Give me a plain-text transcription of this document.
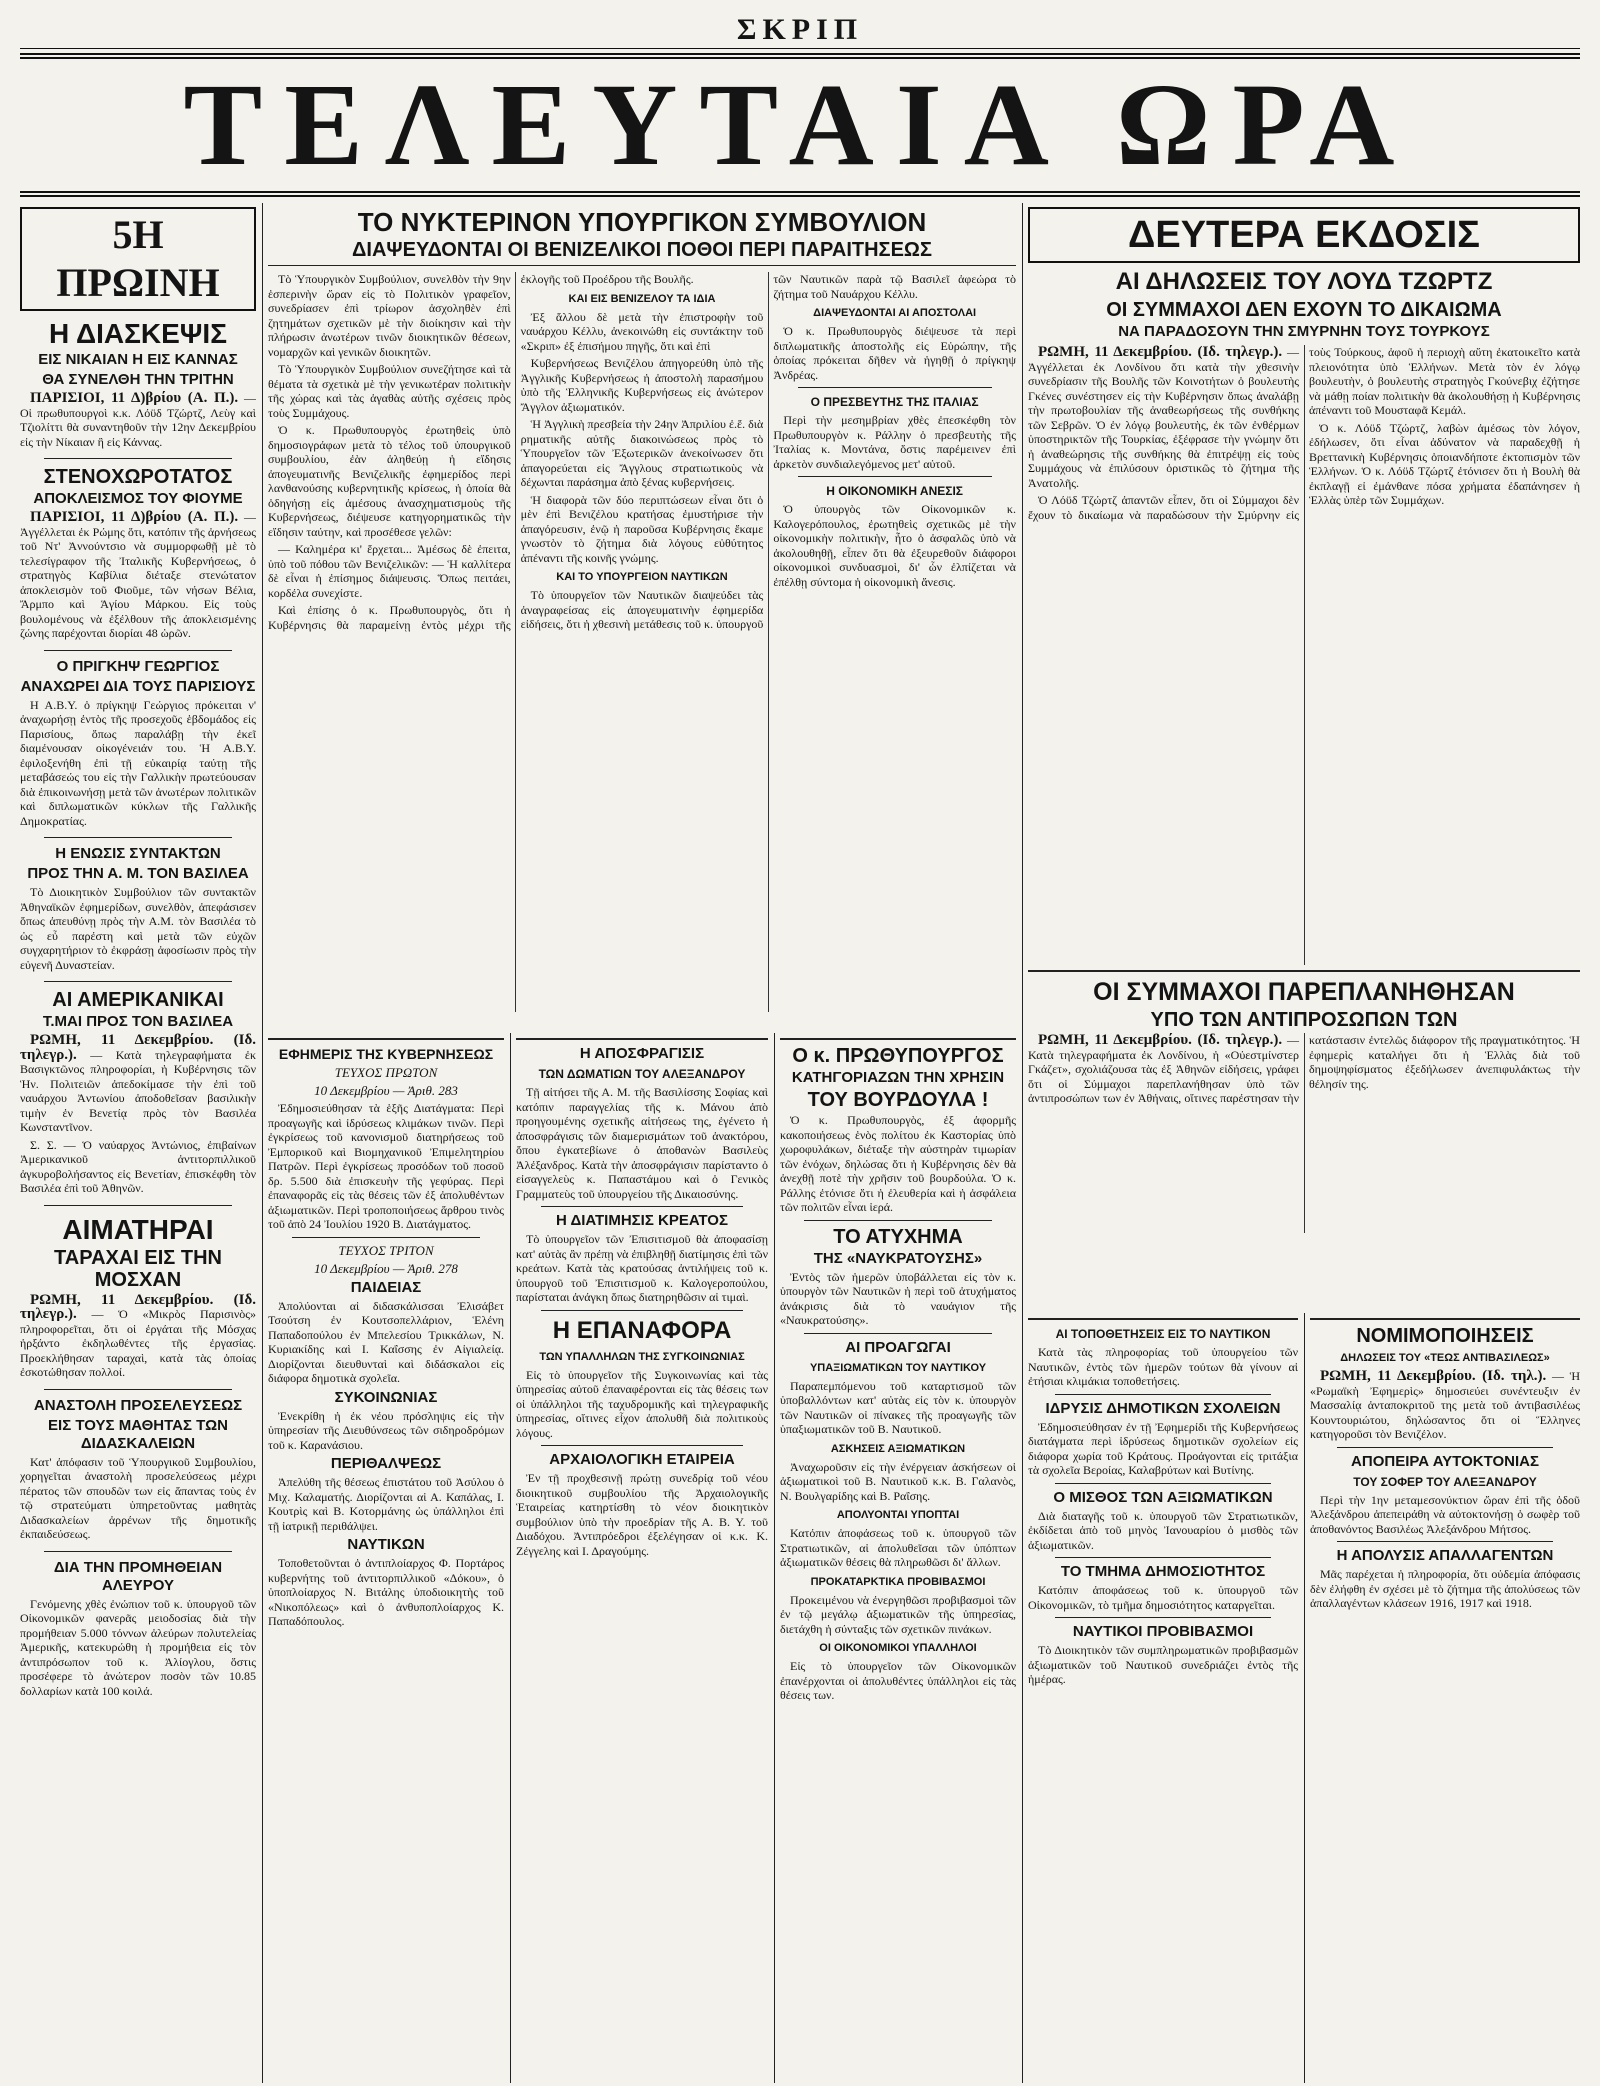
ΣΚΡΙΠ
ΤΕΛΕΥΤΑΙΑ ΩΡΑ
5Η ΠΡΩΙΝΗ
Η ΔΙΑΣΚΕΨΙΣ
ΕΙΣ ΝΙΚΑΙΑΝ Η ΕΙΣ ΚΑΝΝΑΣ
ΘΑ ΣΥΝΕΛΘΗ ΤΗΝ ΤΡΙΤΗΝ

ΠΑΡΙΣΙΟΙ, 11 Δ)βρίου (Α. Π.). — Οἱ πρωθυπουργοὶ κ.κ. Λόϋδ Τζώρτζ, Λεὺγ καὶ Τζιολίττι θὰ συναντηθοῦν τὴν 12ην Δεκεμβρίου εἰς τὴν Νίκαιαν ἢ εἰς Κάννας.

ΣΤΕΝΟΧΩΡΟΤΑΤΟΣ
ΑΠΟΚΛΕΙΣΜΟΣ ΤΟΥ ΦΙΟΥΜΕ

ΠΑΡΙΣΙΟΙ, 11 Δ)βρίου (Α. Π.). — Ἀγγέλλεται ἐκ Ρώμης ὅτι, κατόπιν τῆς ἀρνήσεως τοῦ Ντ' Ἀννούντσιο νὰ συμμορφωθῇ μὲ τὸ τελεσίγραφον τῆς Ἰταλικῆς Κυβερνήσεως, ὁ στρατηγὸς Καβίλια διέταξε στενώτατον ἀποκλεισμὸν τοῦ Φιοῦμε, τῶν νήσων Βέλια, Ἄρμπο καὶ Ἁγίου Μάρκου. Εἰς τοὺς βουλομένους νὰ ἐξέλθουν τῆς ἀποκλεισμένης ζώνης παρέχονται διορίαι 48 ὡρῶν.

Ο ΠΡΙΓΚΗΨ ΓΕΩΡΓΙΟΣ
ΑΝΑΧΩΡΕΙ ΔΙΑ ΤΟΥΣ ΠΑΡΙΣΙΟΥΣ

Η Α.Β.Υ. ὁ πρίγκηψ Γεώργιος πρόκειται ν' ἀναχωρήσῃ ἐντὸς τῆς προσεχοῦς ἑβδομάδος εἰς Παρισίους, ὅπως παραλάβῃ τὴν ἐκεῖ διαμένουσαν οἰκογένειάν του. Ἡ Α.Β.Υ. ἐφιλοξενήθη ἐπὶ τῇ εὐκαιρίᾳ ταύτῃ τῆς μεταβάσεώς του εἰς τὴν Γαλλικὴν πρωτεύουσαν διὰ ἐπικοινωνήσῃ μετὰ τῶν ἀνωτέρων πολιτικῶν καὶ διπλωματικῶν κύκλων τῆς Γαλλικῆς Δημοκρατίας.

Η ΕΝΩΣΙΣ ΣΥΝΤΑΚΤΩΝ
ΠΡΟΣ ΤΗΝ Α. Μ. ΤΟΝ ΒΑΣΙΛΕΑ

Τὸ Διοικητικὸν Συμβούλιον τῶν συντακτῶν Ἀθηναϊκῶν ἐφημερίδων, συνελθὸν, ἀπεφάσισεν ὅπως ἀπευθύνῃ πρὸς τὴν Α.Μ. τὸν Βασιλέα τὸ ὡς εὖ παρέστη καὶ μετὰ τῶν εὐχῶν συγχαρητήριον τὸ ἐκφράσῃ ἀφοσίωσιν πρὸς τὴν εὐγενῆ Δυναστείαν.

ΑΙ ΑΜΕΡΙΚΑΝΙΚΑΙ
Τ.ΜΑΙ ΠΡΟΣ ΤΟΝ ΒΑΣΙΛΕΑ

ΡΩΜΗ, 11 Δεκεμβρίου. (Ιδ. τηλεγρ.). — Κατὰ τηλεγραφήματα ἐκ Βασιγκτῶνος πληροφορίαι, ἡ Κυβέρνησις τῶν Ἡν. Πολιτειῶν ἀπεδοκίμασε τὴν ἐπὶ τοῦ ναυάρχου Ἀντωνίου ἀποδοθεῖσαν βασιλικὴν τιμὴν ἐν Βενετίᾳ πρὸς τὸν Βασιλέα Κωνσταντῖνον.

Σ. Σ. — Ὁ ναύαρχος Ἀντώνιος, ἐπιβαίνων Ἀμερικανικοῦ ἀντιτορπιλλικοῦ ἀγκυροβολήσαντος εἰς Βενετίαν, ἐπισκέφθη τὸν Βασιλέα ἐπὶ τοῦ Ἀθηνῶν.

ΑΙΜΑΤΗΡΑΙ
ΤΑΡΑΧΑΙ ΕΙΣ ΤΗΝ ΜΟΣΧΑΝ

ΡΩΜΗ, 11 Δεκεμβρίου. (Ιδ. τηλεγρ.). — Ὁ «Μικρὸς Παρισινὸς» πληροφορεῖται, ὅτι οἱ ἐργάται τῆς Μόσχας ἠρξάντο ἐκδηλωθέντες τῆς ἐργασίας. Προεκλήθησαν ταραχαὶ, κατὰ τὰς ὁποίας ἐσκοτώθησαν πολλοί.

ΑΝΑΣΤΟΛΗ ΠΡΟΣΕΛΕΥΣΕΩΣ
ΕΙΣ ΤΟΥΣ ΜΑΘΗΤΑΣ ΤΩΝ ΔΙΔΑΣΚΑΛΕΙΩΝ

Κατ' ἀπόφασιν τοῦ Ὑπουργικοῦ Συμβουλίου, χορηγεῖται ἀναστολὴ προσελεύσεως μέχρι πέρατος τῶν σπουδῶν των εἰς ἅπαντας τοὺς ἐν τῷ στρατεύματι ὑπηρετοῦντας μαθητὰς Διδασκαλείων ἀρρένων τῆς δημοτικῆς ἐκπαιδεύσεως.

ΔΙΑ ΤΗΝ ΠΡΟΜΗΘΕΙΑΝ ΑΛΕΥΡΟΥ

Γενόμενης χθὲς ἐνώπιον τοῦ κ. ὑπουργοῦ τῶν Οἰκονομικῶν φανερᾶς μειοδοσίας διὰ τὴν προμήθειαν 5.000 τόννων ἀλεύρων πολυτελείας Ἀμερικῆς, κατεκυρώθη ἡ προμήθεια εἰς τὸν ἀντιπρόσωπον τοῦ κ. Ἀλίογλου, ὅστις προσέφερε τὸ ἀνώτερον ποσὸν τῶν 10.85 δολλαρίων κατὰ 100 κοιλά.

ΤΟ ΝΥΚΤΕΡΙΝΟΝ ΥΠΟΥΡΓΙΚΟΝ ΣΥΜΒΟΥΛΙΟΝ
ΔΙΑΨΕΥΔΟΝΤΑΙ ΟΙ ΒΕΝΙΖΕΛΙΚΟΙ ΠΟΘΟΙ ΠΕΡΙ ΠΑΡΑΙΤΗΣΕΩΣ

Τὸ Ὑπουργικὸν Συμβούλιον, συνελθὸν τὴν 9ην ἑσπερινὴν ὥραν εἰς τὸ Πολιτικὸν γραφεῖον, συνεδρίασεν ἐπὶ τρίωρον ἀσχοληθὲν ἐπὶ ζητημάτων σχετικῶν μὲ τὴν διοίκησιν καὶ τὴν πλήρωσιν ἀνωτέρων τινῶν διοικητικῶν θέσεων, νομαρχῶν καὶ γενικῶν διοικητῶν.

Τὸ Ὑπουργικὸν Συμβούλιον συνεζήτησε καὶ τὰ θέματα τὰ σχετικὰ μὲ τὴν γενικωτέραν πολιτικὴν τῆς χώρας καὶ τὰς ἀγαθὰς αὐτῆς σχέσεις πρὸς τοὺς Συμμάχους.

Ὁ κ. Πρωθυπουργὸς ἐρωτηθεὶς ὑπὸ δημοσιογράφων μετὰ τὸ τέλος τοῦ ὑπουργικοῦ συμβουλίου, ἐὰν ἀληθεύῃ ἡ εἴδησις ἀπογευματινῆς Βενιζελικῆς ἐφημερίδος περὶ λανθανούσης κυβερνητικῆς κρίσεως, ἡ ὁποία θὰ ὁδηγήσῃ εἰς ἀμέσους ἀνασχηματισμοὺς τῆς Κυβερνήσεως, διέψευσε κατηγορηματικῶς τὴν εἴδησιν ταύτην, καὶ προσέθεσε γελῶν:

— Καλημέρα κι' ἔρχεται... Ἀμέσως δὲ ἐπειτα, ὑπὸ τοῦ πόθου τῶν Βενιζελικῶν: — Ἡ καλλίτερα δὲ εἶναι ἡ ἐπίσημος διάψευσις. Ὅπως πειτάει, κορδέλα συνεχίστε.

Καὶ ἐπίσης ὁ κ. Πρωθυπουργὸς, ὅτι ἡ Κυβέρνησις θὰ παραμείνῃ ἐντὸς μέχρι τῆς ἐκλογῆς τοῦ Προέδρου τῆς Βουλῆς.

ΚΑΙ ΕΙΣ ΒΕΝΙΖΕΛΟΥ ΤΑ ΙΔΙΑ

Ἐξ ἄλλου δὲ μετὰ τὴν ἐπιστροφὴν τοῦ ναυάρχου Κέλλυ, ἀνεκοινώθη εἰς συντάκτην τοῦ «Σκριπ» ἐξ ἐπισήμου πηγῆς, ὅτι καὶ ἐπὶ

Κυβερνήσεως Βενιζέλου ἀπηγορεύθη ὑπὸ τῆς Ἀγγλικῆς Κυβερνήσεως ἡ ἀποστολὴ παρασήμου ὑπὸ τῆς Ἑλληνικῆς Κυβερνήσεως εἰς ἀνώτερον Ἄγγλον ἀξιωματικόν.

Ἡ Ἀγγλικὴ πρεσβεία τὴν 24ην Ἀπριλίου ἐ.ἔ. διὰ ρηματικῆς αὐτῆς διακοινώσεως πρὸς τὸ Ὑπουργεῖον τῶν Ἐξωτερικῶν ἀνεκοίνωσεν ὅτι ἀπαγορεύεται εἰς Ἄγγλους στρατιωτικοὺς νὰ δέχωνται παράσημα ἀπὸ ξένας κυβερνήσεις.

Ἡ διαφορὰ τῶν δύο περιπτώσεων εἶναι ὅτι ὁ μὲν ἐπὶ Βενιζέλου κρατήσας ἐμυστήρισε τὴν ἀπαγόρευσιν, ἐνῷ ἡ παροῦσα Κυβέρνησις ἔκαμε γνωστὸν τὸ ζήτημα διὰ λόγους εὐθύτητος ἀπέναντι τῆς κοινῆς γνώμης.

ΚΑΙ ΤΟ ΥΠΟΥΡΓΕΙΟΝ ΝΑΥΤΙΚΩΝ

Τὸ ὑπουργεῖον τῶν Ναυτικῶν διαψεύδει τὰς ἀναγραφείσας εἰς ἀπογευματινὴν ἐφημερίδα εἰδήσεις, ὅτι ἡ χθεσινὴ μετάθεσις τοῦ κ. ὑπουργοῦ τῶν Ναυτικῶν παρὰ τῷ Βασιλεῖ ἀφεώρα τὸ ζήτημα τοῦ Ναυάρχου Κέλλυ.

ΔΙΑΨΕΥΔΟΝΤΑΙ ΑΙ ΑΠΟΣΤΟΛΑΙ

Ὁ κ. Πρωθυπουργὸς διέψευσε τὰ περὶ διπλωματικῆς ἀποστολῆς εἰς Εὐρώπην, τῆς ὁποίας πρόκειται δῆθεν νὰ ἡγηθῇ ὁ πρίγκηψ Ἀνδρέας.

Ο ΠΡΕΣΒΕΥΤΗΣ ΤΗΣ ΙΤΑΛΙΑΣ

Περὶ τὴν μεσημβρίαν χθὲς ἐπεσκέφθη τὸν Πρωθυπουργὸν κ. Ράλλην ὁ πρεσβευτὴς τῆς Ἰταλίας κ. Μοντάνα, ὅστις παρέμεινεν ἐπὶ ἀρκετὸν συνδιαλεγόμενος μετ' αὐτοῦ.

Η ΟΙΚΟΝΟΜΙΚΗ ΑΝΕΣΙΣ

Ὁ ὑπουργὸς τῶν Οἰκονομικῶν κ. Καλογερόπουλος, ἐρωτηθεὶς σχετικῶς μὲ τὴν οἰκονομικὴν πολιτικὴν, ἦτο ὁ ἀσφαλῶς ὑπὸ νὰ ἀκολουθηθῇ, εἶπεν ὅτι θὰ ἐξευρεθοῦν διάφοροι οἰκονομικοὶ συνδυασμοὶ, δι' ὧν ἐλπίζεται νὰ ἐπέλθῃ σύντομα ἡ οἰκονομικὴ ἄνεσις.

ΕΦΗΜΕΡΙΣ ΤΗΣ ΚΥΒΕΡΝΗΣΕΩΣ
ΤΕΥΧΟΣ ΠΡΩΤΟΝ
10 Δεκεμβρίου — Ἀριθ. 283

Ἐδημοσιεύθησαν τὰ ἑξῆς Διατάγματα: Περὶ προαγωγῆς καὶ ἰδρύσεως κλιμάκων τινῶν. Περὶ ἐγκρίσεως τοῦ κανονισμοῦ διατηρήσεως τοῦ Ἐμπορικοῦ καὶ Βιομηχανικοῦ Ἐπιμελητηρίου Πατρῶν. Περὶ ἐγκρίσεως προσόδων τοῦ ποσοῦ δρ. 5.500 διὰ ἐπισκευὴν τῆς γεφύρας. Περὶ ἐπαναφορᾶς εἰς τὰς θέσεις τῶν ἐξ ἀπολυθέντων ἀξιωματικῶν. Περὶ τροποποιήσεως ἄρθρου τινὸς τοῦ ἀπὸ 24 Ἰουλίου 1920 Β. Διατάγματος.

ΤΕΥΧΟΣ ΤΡΙΤΟΝ
10 Δεκεμβρίου — Ἀριθ. 278
ΠΑΙΔΕΙΑΣ

Ἀπολύονται αἱ διδασκάλισσαι Ἐλισάβετ Τσούτση ἐν Κουτσοπελλάριον, Ἑλένη Παπαδοπούλου ἐν Μπελεσίου Τρικκάλων, Ν. Κυριακίδης καὶ Ι. Καΐσσης ἐν Αἰγιαλείᾳ. Διορίζονται διευθυνταὶ καὶ διδάσκαλοι εἰς διάφορα δημοτικὰ σχολεῖα.

ΣΥΚΟΙΝΩΝΙΑΣ

Ἐνεκρίθη ἡ ἐκ νέου πρόσληψις εἰς τὴν ὑπηρεσίαν τῆς Διευθύνσεως τῶν σιδηροδρόμων τοῦ κ. Καρανάσιου.

ΠΕΡΙΘΑΛΨΕΩΣ

Ἀπελύθη τῆς θέσεως ἐπιστάτου τοῦ Ἀσύλου ὁ Μιχ. Καλαματής. Διορίζονται αἱ Α. Καπάλας, Ι. Κουτρὶς καὶ Β. Κοτορμάνης ὡς ὑπάλληλοι ἐπὶ τῇ ἰατρικῇ περιθάλψει.

ΝΑΥΤΙΚΩΝ

Τοποθετοῦνται ὁ ἀντιπλοίαρχος Φ. Πορτάρος κυβερνήτης τοῦ ἀντιτορπιλλικοῦ «Δόκου», ὁ ὑποπλοίαρχος Ν. Βιτάλης ὑποδιοικητὴς τοῦ «Νικοπόλεως» καὶ ὁ ἀνθυποπλοίαρχος Κ. Παπαδόπουλος.

Η ΑΠΟΣΦΡΑΓΙΣΙΣ
ΤΩΝ ΔΩΜΑΤΙΩΝ ΤΟΥ ΑΛΕΞΑΝΔΡΟΥ

Τῇ αἰτήσει τῆς Α. Μ. τῆς Βασιλίσσης Σοφίας καὶ κατόπιν παραγγελίας τῆς κ. Μάνου ἀπὸ προηγουμένης σχετικῆς αἰτήσεως της, ἐγένετο ἡ ἀποσφράγισις τῶν διαμερισμάτων τοῦ ἀνακτόρου, ὅπου ἐγκατεβίωνε ὁ ἀποθανὼν Βασιλεὺς Ἀλέξανδρος. Κατὰ τὴν ἀποσφράγισιν παρίσταντο ὁ εἰσαγγελεὺς κ. Παπαστάμου καὶ ὁ Γενικὸς Γραμματεὺς τοῦ ὑπουργείου τῆς Δικαιοσύνης.

Η ΔΙΑΤΙΜΗΣΙΣ ΚΡΕΑΤΟΣ

Τὸ ὑπουργεῖον τῶν Ἐπισιτισμοῦ θὰ ἀποφασίσῃ κατ' αὐτὰς ἂν πρέπῃ νὰ ἐπιβληθῇ διατίμησις ἐπὶ τῶν κρεάτων. Κατὰ τὰς κρατούσας ἀντιλήψεις τοῦ κ. ὑπουργοῦ τοῦ Ἐπισιτισμοῦ κ. Καλογεροπούλου, παρίσταται ἀνάγκη ὅπως διατηρηθῶσιν αἱ τιμαὶ.

Η ΕΠΑΝΑΦΟΡΑ
ΤΩΝ ΥΠΑΛΛΗΛΩΝ ΤΗΣ ΣΥΓΚΟΙΝΩΝΙΑΣ

Εἰς τὸ ὑπουργεῖον τῆς Συγκοινωνίας καὶ τὰς ὑπηρεσίας αὐτοῦ ἐπαναφέρονται εἰς τὰς θέσεις των οἱ ὑπάλληλοι τῆς ταχυδρομικῆς καὶ τηλεγραφικῆς ὑπηρεσίας, οἵτινες εἶχον ἀπολυθῆ διὰ πολιτικοὺς λόγους.

ΑΡΧΑΙΟΛΟΓΙΚΗ ΕΤΑΙΡΕΙΑ

Ἐν τῇ προχθεσινῇ πρώτῃ συνεδρίᾳ τοῦ νέου διοικητικοῦ συμβουλίου τῆς Ἀρχαιολογικῆς Ἑταιρείας κατηρτίσθη τὸ νέον διοικητικὸν συμβούλιον ὑπὸ τὴν προεδρίαν τῆς Α. Β. Υ. τοῦ Διαδόχου. Ἀντιπρόεδροι ἐξελέγησαν οἱ κ.κ. Κ. Ζέγγελης καὶ Ι. Δραγούμης.

Ο κ. ΠΡΩΘΥΠΟΥΡΓΟΣ
ΚΑΤΗΓΟΡΙΑΖΩΝ ΤΗΝ ΧΡΗΣΙΝ
ΤΟΥ ΒΟΥΡΔΟΥΛΑ !

Ὁ κ. Πρωθυπουργὸς, ἐξ ἀφορμῆς κακοποιήσεως ἑνὸς πολίτου ἐκ Καστορίας ὑπὸ χωροφυλάκων, διέταξε τὴν αὐστηρὰν τιμωρίαν τῶν ἐνόχων, δηλώσας ὅτι ἡ Κυβέρνησις δὲν θὰ ἀνεχθῇ ποτὲ τὴν χρῆσιν τοῦ βουρδούλα. Ὁ κ. Ράλλης ἐτόνισε ὅτι ἡ ἐλευθερία καὶ ἡ ἀσφάλεια τῶν πολιτῶν εἶναι ἱερά.

ΤΟ ΑΤΥΧΗΜΑ
ΤΗΣ «ΝΑΥΚΡΑΤΟΥΣΗΣ»

Ἐντὸς τῶν ἡμερῶν ὑποβάλλεται εἰς τὸν κ. ὑπουργὸν τῶν Ναυτικῶν ἡ περὶ τοῦ ἀτυχήματος ἀνάκρισις διὰ τὸ ναυάγιον τῆς «Ναυκρατούσης».

ΑΙ ΠΡΟΑΓΩΓΑΙ
ΥΠΑΞΙΩΜΑΤΙΚΩΝ ΤΟΥ ΝΑΥΤΙΚΟΥ

Παραπεμπόμενου τοῦ καταρτισμοῦ τῶν ὑποβαλλόντων κατ' αὐτὰς εἰς τὸν κ. ὑπουργὸν τῶν Ναυτικῶν οἱ πίνακες τῆς προαγωγῆς τῶν ὑπαξιωματικῶν τοῦ Β. Ναυτικοῦ.

ΑΣΚΗΣΕΙΣ ΑΞΙΩΜΑΤΙΚΩΝ

Ἀναχωροῦσιν εἰς τὴν ἐνέργειαν ἀσκήσεων οἱ ἀξιωματικοὶ τοῦ Β. Ναυτικοῦ κ.κ. Β. Γαλανὸς, Ν. Βουλγαρίδης καὶ Β. Ραΐσης.

ΑΠΟΛΥΟΝΤΑΙ ΥΠΟΠΤΑΙ

Κατόπιν ἀποφάσεως τοῦ κ. ὑπουργοῦ τῶν Στρατιωτικῶν, αἱ ἀπολυθεῖσαι τῶν ὑπόπτων ἀξιωματικῶν θέσεις θὰ πληρωθῶσι δι' ἄλλων.

ΠΡΟΚΑΤΑΡΚΤΙΚΑ ΠΡΟΒΙΒΑΣΜΟΙ

Προκειμένου νὰ ἐνεργηθῶσι προβιβασμοὶ τῶν ἐν τῷ μεγάλῳ ἀξιωματικῶν τῆς ὑπηρεσίας, διετάχθη ἡ σύνταξις τῶν σχετικῶν πινάκων.

ΟΙ ΟΙΚΟΝΟΜΙΚΟΙ ΥΠΑΛΛΗΛΟΙ

Εἰς τὸ ὑπουργεῖον τῶν Οἰκονομικῶν ἐπανέρχονται οἱ ἀπολυθέντες ὑπάλληλοι εἰς τὰς θέσεις των.

ΔΕΥΤΕΡΑ ΕΚΔΟΣΙΣ
ΑΙ ΔΗΛΩΣΕΙΣ ΤΟΥ ΛΟΥΔ ΤΖΩΡΤΖ
ΟΙ ΣΥΜΜΑΧΟΙ ΔΕΝ ΕΧΟΥΝ ΤΟ ΔΙΚΑΙΩΜΑ
ΝΑ ΠΑΡΑΔΟΣΟΥΝ ΤΗΝ ΣΜΥΡΝΗΝ ΤΟΥΣ ΤΟΥΡΚΟΥΣ

ΡΩΜΗ, 11 Δεκεμβρίου. (Ιδ. τηλεγρ.). — Ἀγγέλλεται ἐκ Λονδίνου ὅτι κατὰ τὴν χθεσινὴν συνεδρίασιν τῆς Βουλῆς τῶν Κοινοτήτων ὁ βουλευτὴς Γκένες συνέστησεν εἰς τὴν Κυβέρνησιν ὅπως ἀναλάβῃ τὴν πρωτοβουλίαν τῆς ἀναθεωρήσεως τῆς συνθήκης τῶν Σεβρῶν. Ὁ ἐν λόγῳ βουλευτὴς, ἐκ τῶν ἐνθέρμων ὑποστηρικτῶν τῆς Τουρκίας, ἐξέφρασε τὴν γνώμην ὅτι ἡ ἀναθεώρησις τῆς συνθήκης θὰ ἐπιτρέψῃ εἰς τοὺς Συμμάχους νὰ ἐπιλύσουν ὁριστικῶς τὸ ζήτημα τῆς Ἀνατολῆς.

Ὁ Λόϋδ Τζώρτζ ἀπαντῶν εἶπεν, ὅτι οἱ Σύμμαχοι δὲν ἔχουν τὸ δικαίωμα νὰ παραδώσουν τὴν Σμύρνην εἰς τοὺς Τούρκους, ἀφοῦ ἡ περιοχὴ αὕτη ἐκατοικεῖτο κατὰ πλειονότητα ὑπὸ Ἑλλήνων. Μετὰ τὸν ἐν λόγῳ βουλευτὴν, ὁ βουλευτὴς στρατηγὸς Γκούνεβιχ ἐζήτησε νὰ μάθῃ ποίαν πολιτικὴν θὰ ἀκολουθήσῃ ἡ Κυβέρνησις ἀπέναντι τοῦ Μουσταφᾶ Κεμάλ.

Ὁ κ. Λόϋδ Τζώρτζ, λαβὼν ἀμέσως τὸν λόγον, ἐδήλωσεν, ὅτι εἶναι ἀδύνατον νὰ παραδεχθῇ ἡ Βρεττανικὴ Κυβέρνησις ὁποιανδήποτε ἐκτοπισμὸν τῶν Ἑλλήνων. Ὁ κ. Λόϋδ Τζώρτζ ἐτόνισεν ὅτι ἡ Βουλὴ θὰ ἐκπλαγῇ εἰ ἐμάνθανε πόσα χρήματα ἐδαπάνησεν ἡ Ἑλλὰς ὑπὲρ τῶν Συμμάχων.

ΟΙ ΣΥΜΜΑΧΟΙ ΠΑΡΕΠΛΑΝΗΘΗΣΑΝ
ΥΠΟ ΤΩΝ ΑΝΤΙΠΡΟΣΩΠΩΝ ΤΩΝ

ΡΩΜΗ, 11 Δεκεμβρίου. (Ιδ. τηλεγρ.). — Κατὰ τηλεγραφήματα ἐκ Λονδίνου, ἡ «Οὐεστμίνστερ Γκάζετ», σχολιάζουσα τὰς ἐξ Ἀθηνῶν εἰδήσεις, γράφει ὅτι οἱ Σύμμαχοι παρεπλανήθησαν ὑπὸ τῶν ἀντιπροσώπων των ἐν Ἀθήναις, οἵτινες παρέστησαν τὴν κατάστασιν ἐντελῶς διάφορον τῆς πραγματικότητος. Ἡ ἐφημερὶς καταλήγει ὅτι ἡ Ἑλλὰς διὰ τοῦ δημοψηφίσματος ἐξεδήλωσεν ἀνεπιφυλάκτως τὴν θέλησίν της.

ΑΙ ΤΟΠΟΘΕΤΗΣΕΙΣ ΕΙΣ ΤΟ ΝΑΥΤΙΚΟΝ

Κατὰ τὰς πληροφορίας τοῦ ὑπουργείου τῶν Ναυτικῶν, ἐντὸς τῶν ἡμερῶν τούτων θὰ γίνουν αἱ ἐτήσιαι κλιμάκια τοποθετήσεις.

ΙΔΡΥΣΙΣ ΔΗΜΟΤΙΚΩΝ ΣΧΟΛΕΙΩΝ

Ἐδημοσιεύθησαν ἐν τῇ Ἐφημερίδι τῆς Κυβερνήσεως διατάγματα περὶ ἱδρύσεως δημοτικῶν σχολείων εἰς διάφορα χωρία τοῦ Κράτους. Προάγονται εἰς τριτάξια τὰ σχολεῖα Βεροίας, Καλαβρύτων καὶ Βυτίνης.

Ο ΜΙΣΘΟΣ ΤΩΝ ΑΞΙΩΜΑΤΙΚΩΝ

Διὰ διαταγῆς τοῦ κ. ὑπουργοῦ τῶν Στρατιωτικῶν, ἐκδίδεται ἀπὸ τοῦ μηνὸς Ἰανουαρίου ὁ μισθὸς τῶν ἀξιωματικῶν.

ΤΟ ΤΜΗΜΑ ΔΗΜΟΣΙΟΤΗΤΟΣ

Κατόπιν ἀποφάσεως τοῦ κ. ὑπουργοῦ τῶν Οἰκονομικῶν, τὸ τμῆμα δημοσιότητος καταργεῖται.

ΝΑΥΤΙΚΟΙ ΠΡΟΒΙΒΑΣΜΟΙ

Τὸ Διοικητικὸν τῶν συμπληρωματικῶν προβιβασμῶν ἀξιωματικῶν τοῦ Ναυτικοῦ συνεδριάζει ἐντὸς τῆς ἡμέρας.

ΝΟΜΙΜΟΠΟΙΗΣΕΙΣ
ΔΗΛΩΣΕΙΣ ΤΟΥ «ΤΕΩΣ ΑΝΤΙΒΑΣΙΛΕΩΣ»

ΡΩΜΗ, 11 Δεκεμβρίου. (Ιδ. τηλ.). — Ἡ «Ρωμαϊκὴ Ἐφημερὶς» δημοσιεύει συνέντευξιν ἐν Μασσαλίᾳ ἀνταποκριτοῦ της μετὰ τοῦ ἀντιβασιλέως Κουντουριώτου, δηλώσαντος ὅτι οἱ Ἕλληνες κατηγοροῦσι τὸν Βενιζέλον.

ΑΠΟΠΕΙΡΑ ΑΥΤΟΚΤΟΝΙΑΣ
ΤΟΥ ΣΟΦΕΡ ΤΟΥ ΑΛΕΞΑΝΔΡΟΥ

Περὶ τὴν 1ην μεταμεσονύκτιον ὥραν ἐπὶ τῆς ὁδοῦ Ἀλεξάνδρου ἀπεπειράθη νὰ αὐτοκτονήσῃ ὁ σωφὲρ τοῦ ἀποθανόντος Βασιλέως Ἀλεξάνδρου Μήτσος.

Η ΑΠΟΛΥΣΙΣ ΑΠΑΛΛΑΓΕΝΤΩΝ

Μᾶς παρέχεται ἡ πληροφορία, ὅτι οὐδεμία ἀπόφασις δὲν ἐλήφθη ἐν σχέσει μὲ τὸ ζήτημα τῆς ἀπολύσεως τῶν ἀπαλλαγέντων κλάσεων 1916, 1917 καὶ 1918.
